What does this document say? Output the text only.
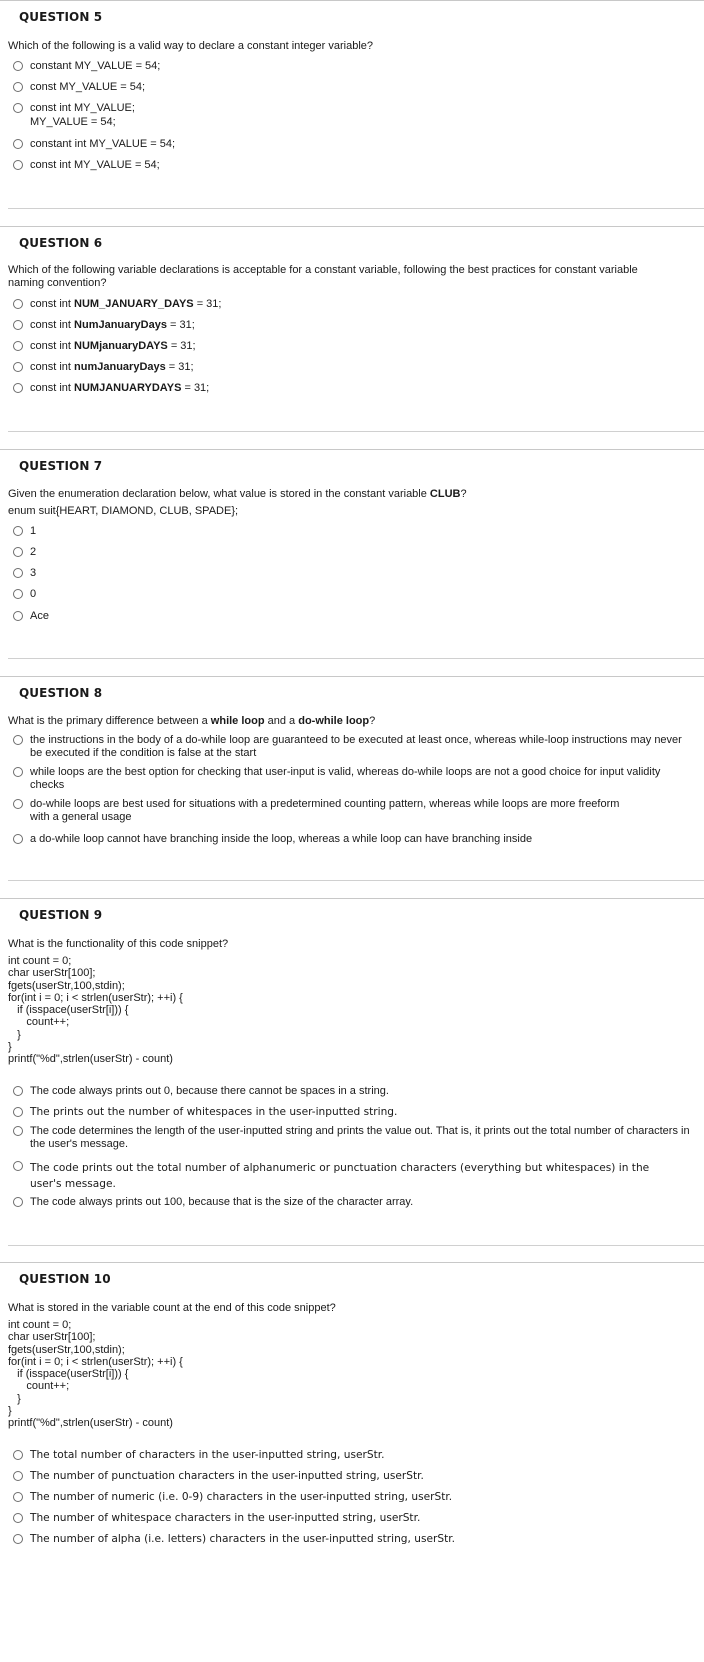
QUESTION 5
Which of the following is a valid way to declare a constant integer variable?
constant MY_VALUE = 54;
const MY_VALUE = 54;
const int MY_VALUE;
MY_VALUE = 54;
constant int MY_VALUE = 54;
const int MY_VALUE = 54;
QUESTION 6
Which of the following variable declarations is acceptable for a constant variable, following the best practices for constant variable naming convention?
const int NUM_JANUARY_DAYS = 31;
const int NumJanuaryDays = 31;
const int NUMjanuaryDAYS = 31;
const int numJanuaryDays = 31;
const int NUMJANUARYDAYS = 31;
QUESTION 7
Given the enumeration declaration below, what value is stored in the constant variable CLUB?
enum suit{HEART, DIAMOND, CLUB, SPADE};
1
2
3
0
Ace
QUESTION 8
What is the primary difference between a while loop and a do-while loop?
the instructions in the body of a do-while loop are guaranteed to be executed at least once, whereas while-loop instructions may never be executed if the condition is false at the start
while loops are the best option for checking that user-input is valid, whereas do-while loops are not a good choice for input validity checks
do-while loops are best used for situations with a predetermined counting pattern, whereas while loops are more freeform with a general usage
a do-while loop cannot have branching inside the loop, whereas a while loop can have branching inside
QUESTION 9
What is the functionality of this code snippet?
int count = 0;
char userStr[100];
fgets(userStr,100,stdin);
for(int i = 0; i < strlen(userStr); ++i) {
if (isspace(userStr[i])) {
count++;
}
}
printf("%d",strlen(userStr) - count)
The code always prints out 0, because there cannot be spaces in a string.
The prints out the number of whitespaces in the user-inputted string.
The code determines the length of the user-inputted string and prints the value out. That is, it prints out the total number of characters in the user's message.
The code prints out the total number of alphanumeric or punctuation characters (everything but whitespaces) in the user's message.
The code always prints out 100, because that is the size of the character array.
QUESTION 10
What is stored in the variable count at the end of this code snippet?
int count = 0;
char userStr[100];
fgets(userStr,100,stdin);
for(int i = 0; i < strlen(userStr); ++i) {
if (isspace(userStr[i])) {
count++;
}
}
printf("%d",strlen(userStr) - count)
The total number of characters in the user-inputted string, userStr.
The number of punctuation characters in the user-inputted string, userStr.
The number of numeric (i.e. 0-9) characters in the user-inputted string, userStr.
The number of whitespace characters in the user-inputted string, userStr.
The number of alpha (i.e. letters) characters in the user-inputted string, userStr.
